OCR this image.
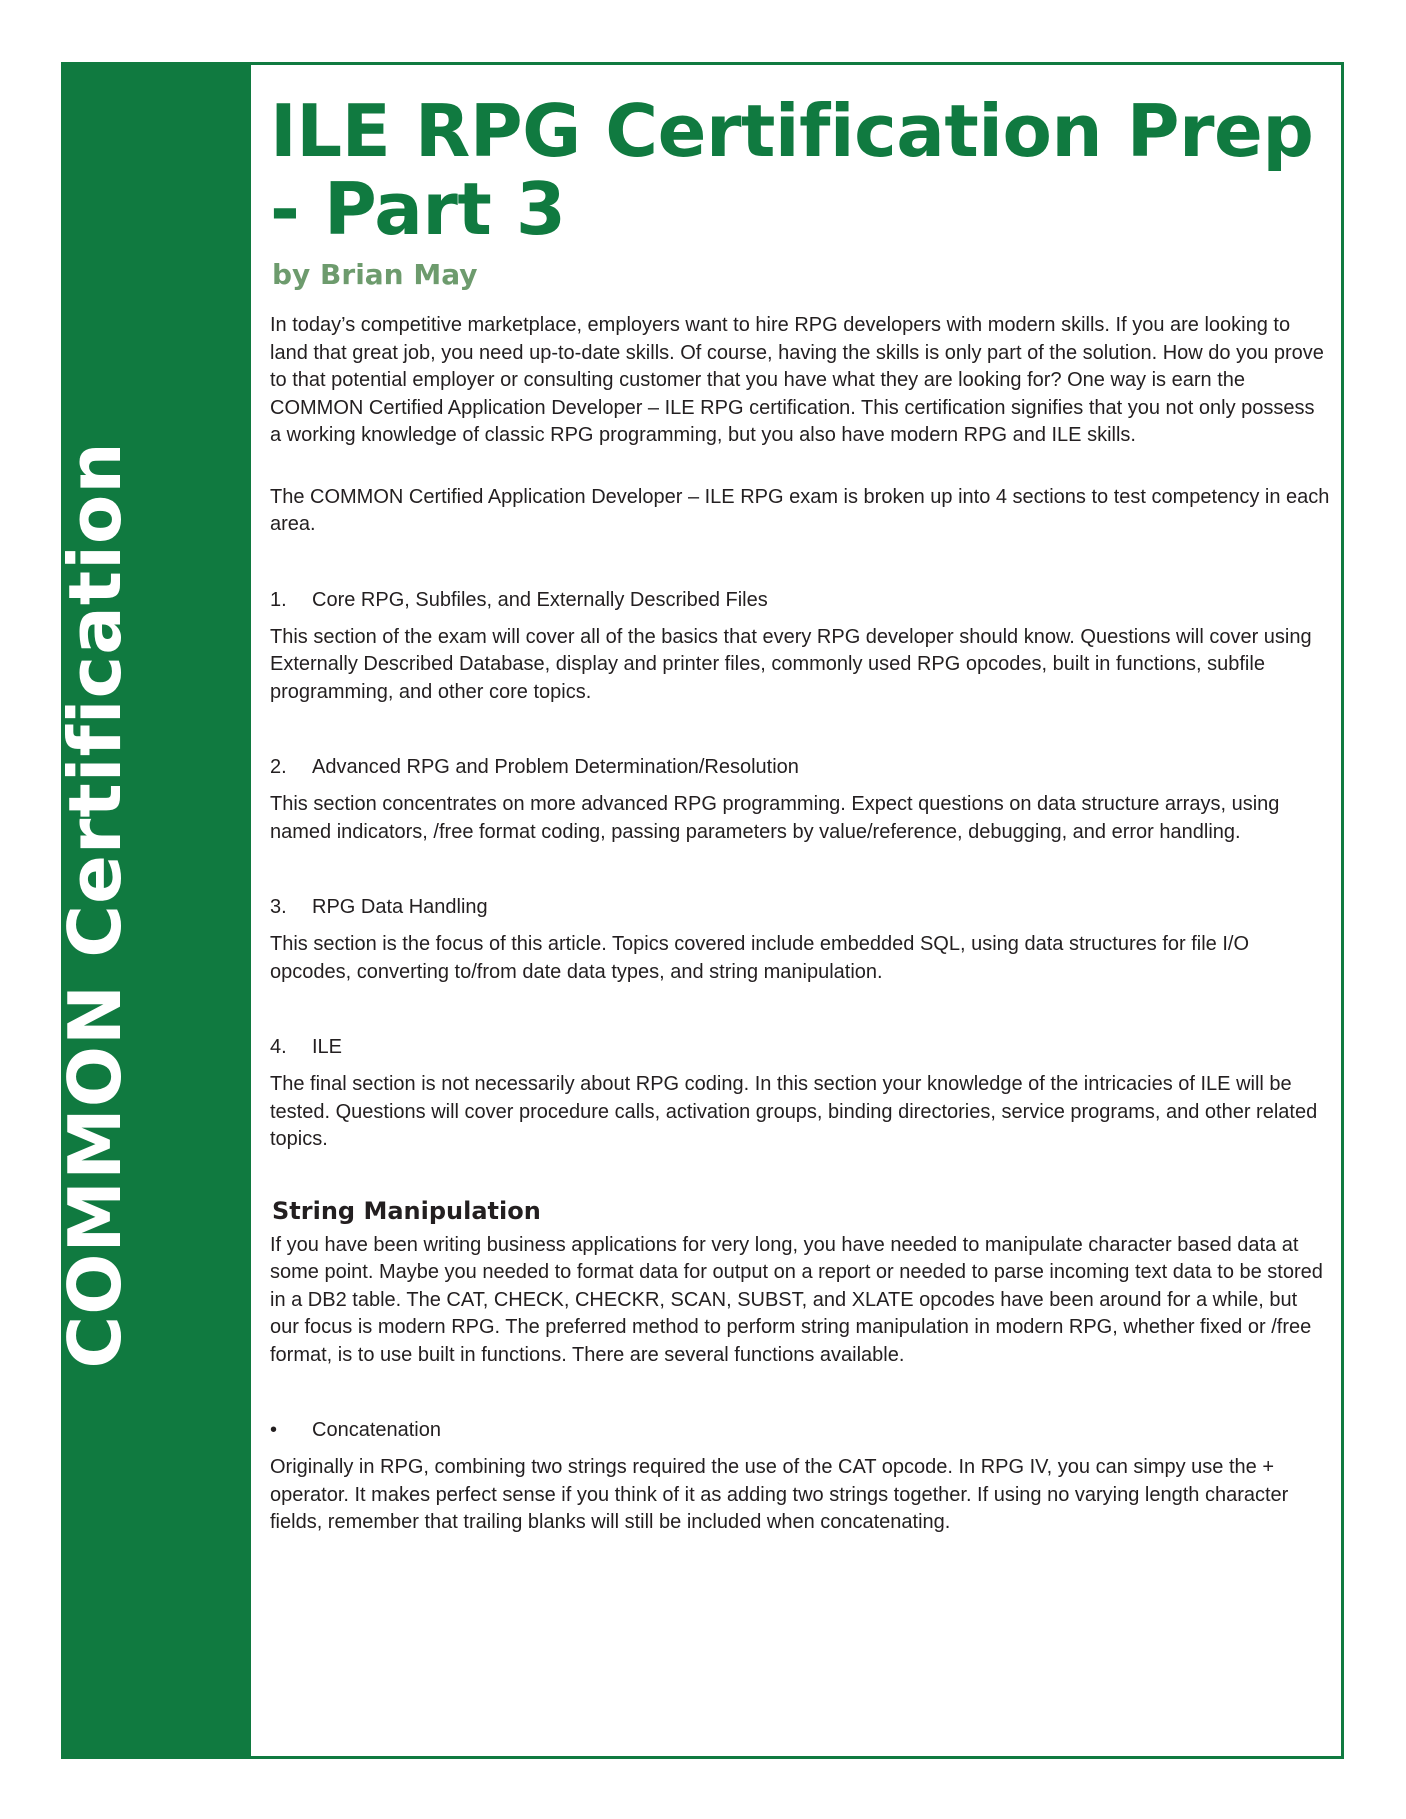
COMMON Certification
ILE RPG Certification Prep - Part 3
by Brian May

In today’s competitive marketplace, employers want to hire RPG developers with modern skills. If you are looking to land that great job, you need up-to-date skills. Of course, having the skills is only part of the solution. How do you prove to that potential employer or consulting customer that you have what they are looking for? One way is earn the COMMON Certified Application Developer – ILE RPG certification. This certification signifies that you not only possess a working knowledge of classic RPG programming, but you also have modern RPG and ILE skills.

The COMMON Certified Application Developer – ILE RPG exam is broken up into 4 sections to test competency in each area.

1.	Core RPG, Subfiles, and Externally Described Files

This section of the exam will cover all of the basics that every RPG developer should know. Questions will cover using Externally Described Database, display and printer files, commonly used RPG opcodes, built in functions, subfile programming, and other core topics.

2.	Advanced RPG and Problem Determination/Resolution

This section concentrates on more advanced RPG programming. Expect questions on data structure arrays, using named indicators, /free format coding, passing parameters by value/reference, debugging, and error handling.

3.	RPG Data Handling

This section is the focus of this article. Topics covered include embedded SQL, using data structures for file I/O opcodes, converting to/from date data types, and string manipulation.

4.	ILE

The final section is not necessarily about RPG coding. In this section your knowledge of the intricacies of ILE will be tested. Questions will cover procedure calls, activation groups, binding directories, service programs, and other related topics.

String Manipulation

If you have been writing business applications for very long, you have needed to manipulate character based data at some point. Maybe you needed to format data for output on a report or needed to parse incoming text data to be stored in a DB2 table. The CAT, CHECK, CHECKR, SCAN, SUBST, and XLATE opcodes have been around for a while, but our focus is modern RPG. The preferred method to perform string manipulation in modern RPG, whether fixed or /free format, is to use built in functions. There are several functions available.

•	Concatenation

Originally in RPG, combining two strings required the use of the CAT opcode. In RPG IV, you can simpy use the + operator. It makes perfect sense if you think of it as adding two strings together. If using no varying length character fields, remember that trailing blanks will still be included when concatenating.
